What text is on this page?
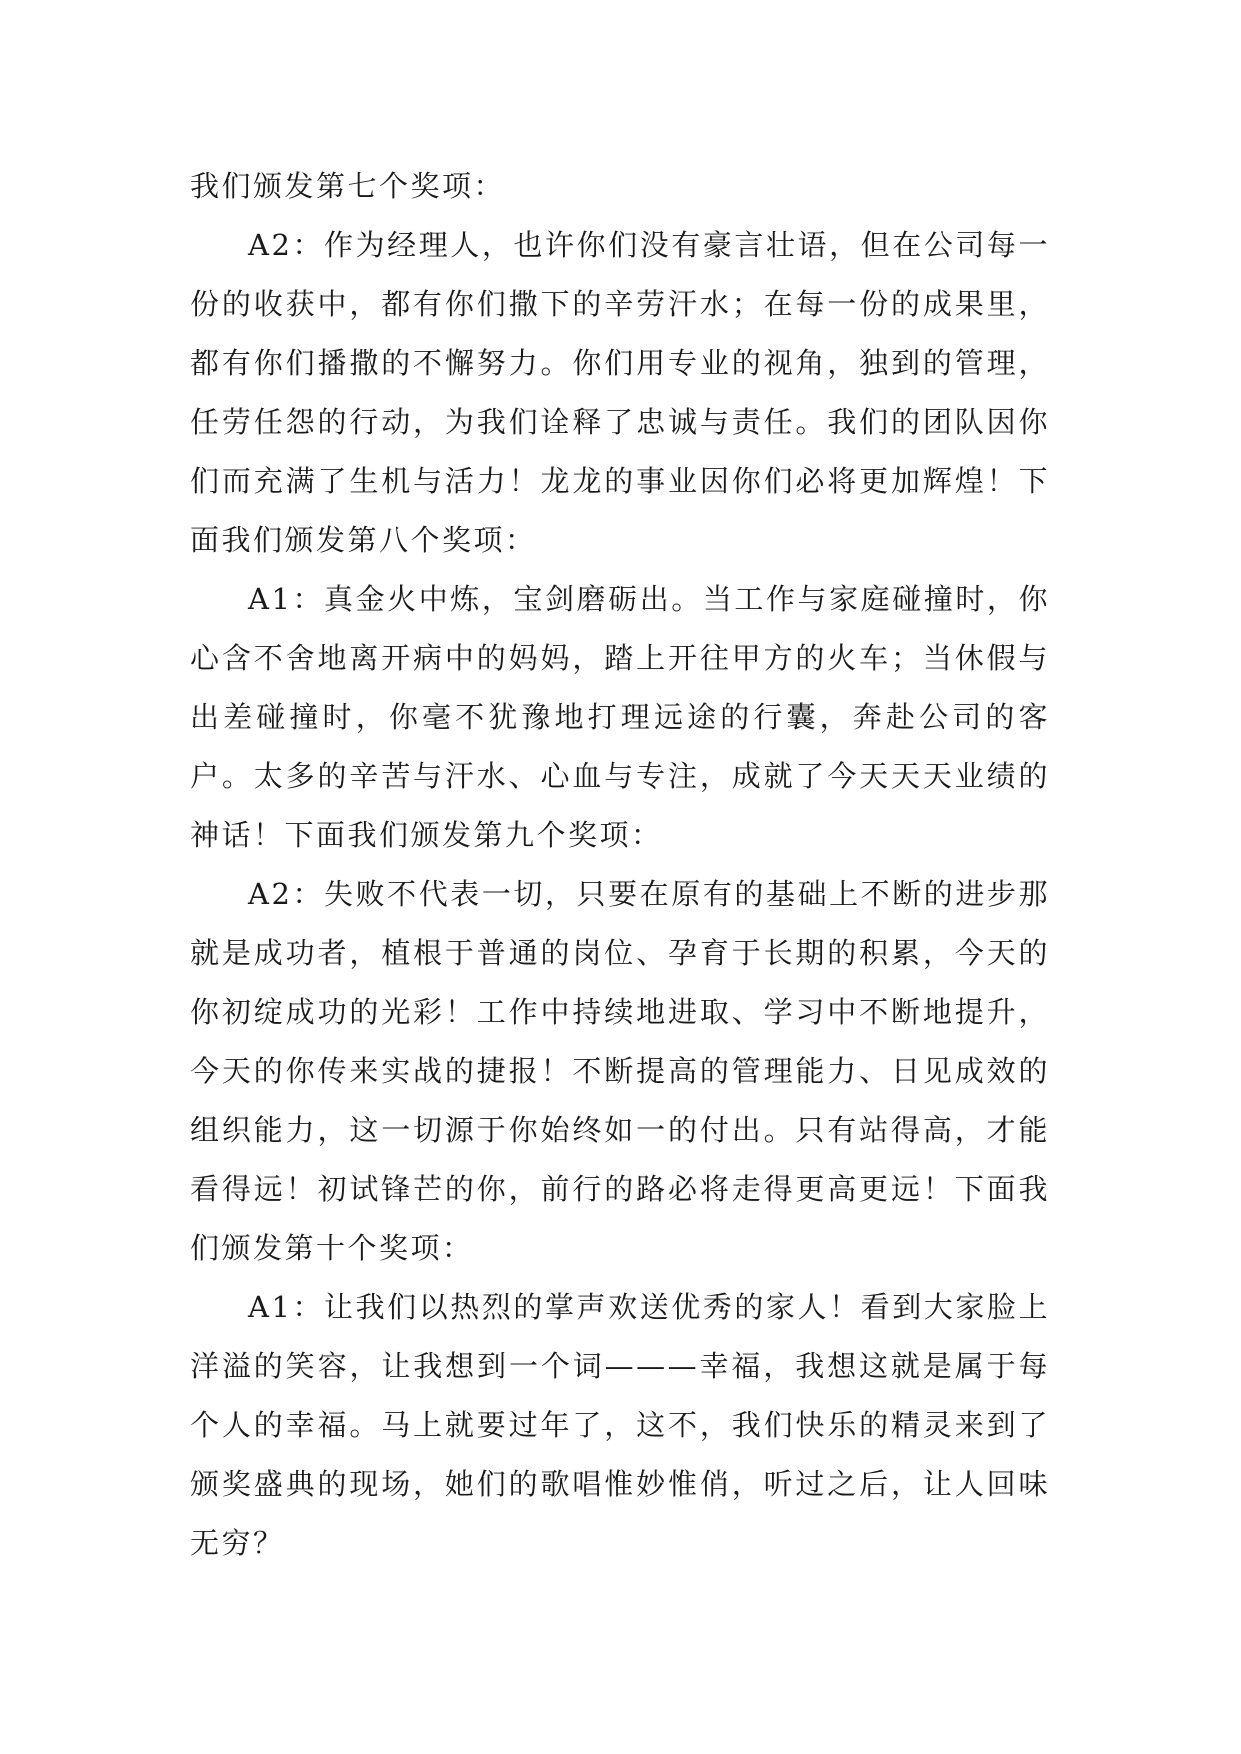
我们颁发第七个奖项：

A2：作为经理人，也许你们没有豪言壮语，但在公司每一份的收获中，都有你们撒下的辛劳汗水；在每一份的成果里，都有你们播撒的不懈努力。你们用专业的视角，独到的管理，任劳任怨的行动，为我们诠释了忠诚与责任。我们的团队因你们而充满了生机与活力！龙龙的事业因你们必将更加辉煌！下面我们颁发第八个奖项：

A1：真金火中炼，宝剑磨砺出。当工作与家庭碰撞时，你心含不舍地离开病中的妈妈，踏上开往甲方的火车；当休假与出差碰撞时，你毫不犹豫地打理远途的行囊，奔赴公司的客户。太多的辛苦与汗水、心血与专注，成就了今天天天业绩的神话！下面我们颁发第九个奖项：

A2：失败不代表一切，只要在原有的基础上不断的进步那就是成功者，植根于普通的岗位、孕育于长期的积累，今天的你初绽成功的光彩！工作中持续地进取、学习中不断地提升，今天的你传来实战的捷报！不断提高的管理能力、日见成效的组织能力，这一切源于你始终如一的付出。只有站得高，才能看得远！初试锋芒的你，前行的路必将走得更高更远！下面我们颁发第十个奖项：

A1：让我们以热烈的掌声欢送优秀的家人！看到大家脸上洋溢的笑容，让我想到一个词———幸福，我想这就是属于每个人的幸福。马上就要过年了，这不，我们快乐的精灵来到了颁奖盛典的现场，她们的歌唱惟妙惟俏，听过之后，让人回味无穷？
